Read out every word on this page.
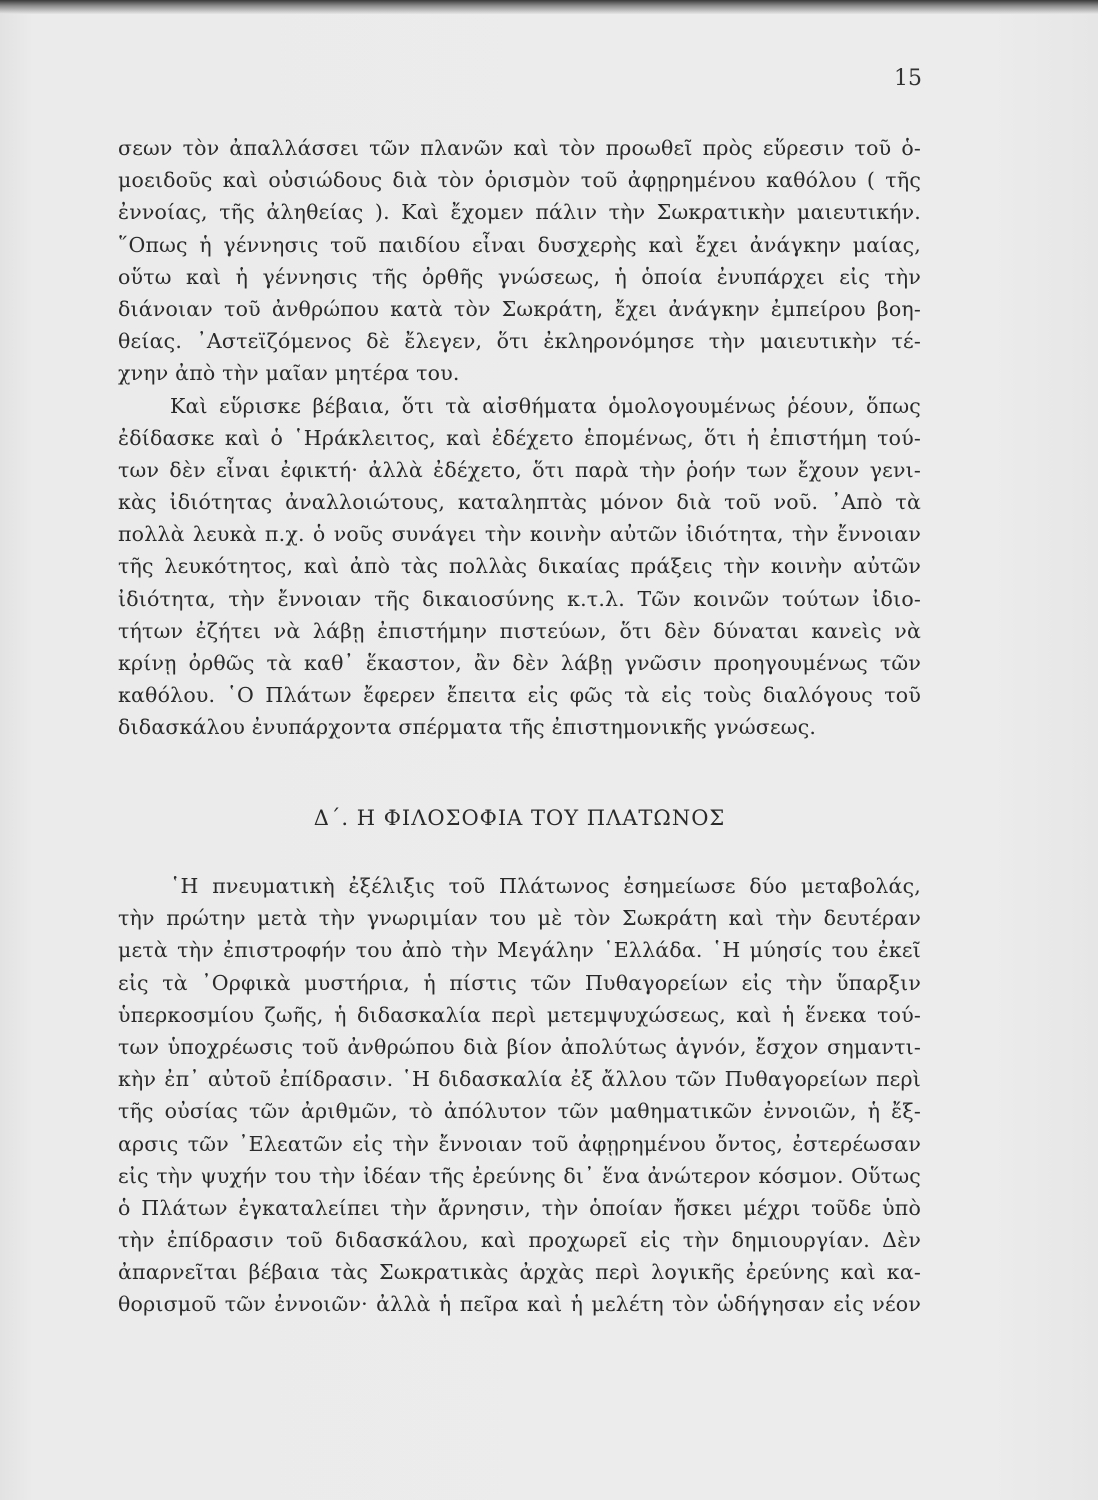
15
σεων τὸν ἀπαλλάσσει τῶν πλανῶν καὶ τὸν προωθεῖ πρὸς εὕρεσιν τοῦ ὁ-
μοειδοῦς καὶ οὐσιώδους διὰ τὸν ὁρισμὸν τοῦ ἀφῃρημένου καθόλου ( τῆς
ἐννοίας, τῆς ἀληθείας ). Καὶ ἔχομεν πάλιν τὴν Σωκρατικὴν μαιευτικήν.
῞Οπως ἡ γέννησις τοῦ παιδίου εἶναι δυσχερὴς καὶ ἔχει ἀνάγκην μαίας,
οὕτω καὶ ἡ γέννησις τῆς ὀρθῆς γνώσεως, ἡ ὁποία ἐνυπάρχει εἰς τὴν
διάνοιαν τοῦ ἀνθρώπου κατὰ τὸν Σωκράτη, ἔχει ἀνάγκην ἐμπείρου βοη-
θείας. ᾿Αστεϊζόμενος δὲ ἔλεγεν, ὅτι ἐκληρονόμησε τὴν μαιευτικὴν τέ-
χνην ἀπὸ τὴν μαῖαν μητέρα του.
Καὶ εὕρισκε βέβαια, ὅτι τὰ αἰσθήματα ὁμολογουμένως ῥέουν, ὅπως
ἐδίδασκε καὶ ὁ ῾Ηράκλειτος, καὶ ἐδέχετο ἑπομένως, ὅτι ἡ ἐπιστήμη τού-
των δὲν εἶναι ἐφικτή· ἀλλὰ ἐδέχετο, ὅτι παρὰ τὴν ῥοήν των ἔχουν γενι-
κὰς ἰδιότητας ἀναλλοιώτους, καταληπτὰς μόνον διὰ τοῦ νοῦ. ᾿Απὸ τὰ
πολλὰ λευκὰ π.χ. ὁ νοῦς συνάγει τὴν κοινὴν αὐτῶν ἰδιότητα, τὴν ἔννοιαν
τῆς λευκότητος, καὶ ἀπὸ τὰς πολλὰς δικαίας πράξεις τὴν κοινὴν αὐτῶν
ἰδιότητα, τὴν ἔννοιαν τῆς δικαιοσύνης κ.τ.λ. Τῶν κοινῶν τούτων ἰδιο-
τήτων ἐζήτει νὰ λάβῃ ἐπιστήμην πιστεύων, ὅτι δὲν δύναται κανεὶς νὰ
κρίνῃ ὀρθῶς τὰ καθ᾿ ἕκαστον, ἂν δὲν λάβῃ γνῶσιν προηγουμένως τῶν
καθόλου. ῾Ο Πλάτων ἔφερεν ἔπειτα εἰς φῶς τὰ εἰς τοὺς διαλόγους τοῦ
διδασκάλου ἐνυπάρχοντα σπέρματα τῆς ἐπιστημονικῆς γνώσεως.
Δ΄. Η ΦΙΛΟΣΟΦΙΑ ΤΟΥ ΠΛΑΤΩΝΟΣ
῾Η πνευματικὴ ἐξέλιξις τοῦ Πλάτωνος ἐσημείωσε δύο μεταβολάς,
τὴν πρώτην μετὰ τὴν γνωριμίαν του μὲ τὸν Σωκράτη καὶ τὴν δευτέραν
μετὰ τὴν ἐπιστροφήν του ἀπὸ τὴν Μεγάλην ῾Ελλάδα. ῾Η μύησίς του ἐκεῖ
εἰς τὰ ᾿Ορφικὰ μυστήρια, ἡ πίστις τῶν Πυθαγορείων εἰς τὴν ὕπαρξιν
ὑπερκοσμίου ζωῆς, ἡ διδασκαλία περὶ μετεμψυχώσεως, καὶ ἡ ἕνεκα τού-
των ὑποχρέωσις τοῦ ἀνθρώπου διὰ βίον ἀπολύτως ἁγνόν, ἔσχον σημαντι-
κὴν ἐπ᾿ αὐτοῦ ἐπίδρασιν. ῾Η διδασκαλία ἐξ ἄλλου τῶν Πυθαγορείων περὶ
τῆς οὐσίας τῶν ἀριθμῶν, τὸ ἀπόλυτον τῶν μαθηματικῶν ἐννοιῶν, ἡ ἔξ-
αρσις τῶν ᾿Ελεατῶν εἰς τὴν ἔννοιαν τοῦ ἀφῃρημένου ὄντος, ἐστερέωσαν
εἰς τὴν ψυχήν του τὴν ἰδέαν τῆς ἐρεύνης δι᾿ ἕνα ἀνώτερον κόσμον. Οὕτως
ὁ Πλάτων ἐγκαταλείπει τὴν ἄρνησιν, τὴν ὁποίαν ἤσκει μέχρι τοῦδε ὑπὸ
τὴν ἐπίδρασιν τοῦ διδασκάλου, καὶ προχωρεῖ εἰς τὴν δημιουργίαν. Δὲν
ἀπαρνεῖται βέβαια τὰς Σωκρατικὰς ἀρχὰς περὶ λογικῆς ἐρεύνης καὶ κα-
θορισμοῦ τῶν ἐννοιῶν· ἀλλὰ ἡ πεῖρα καὶ ἡ μελέτη τὸν ὡδήγησαν εἰς νέον
